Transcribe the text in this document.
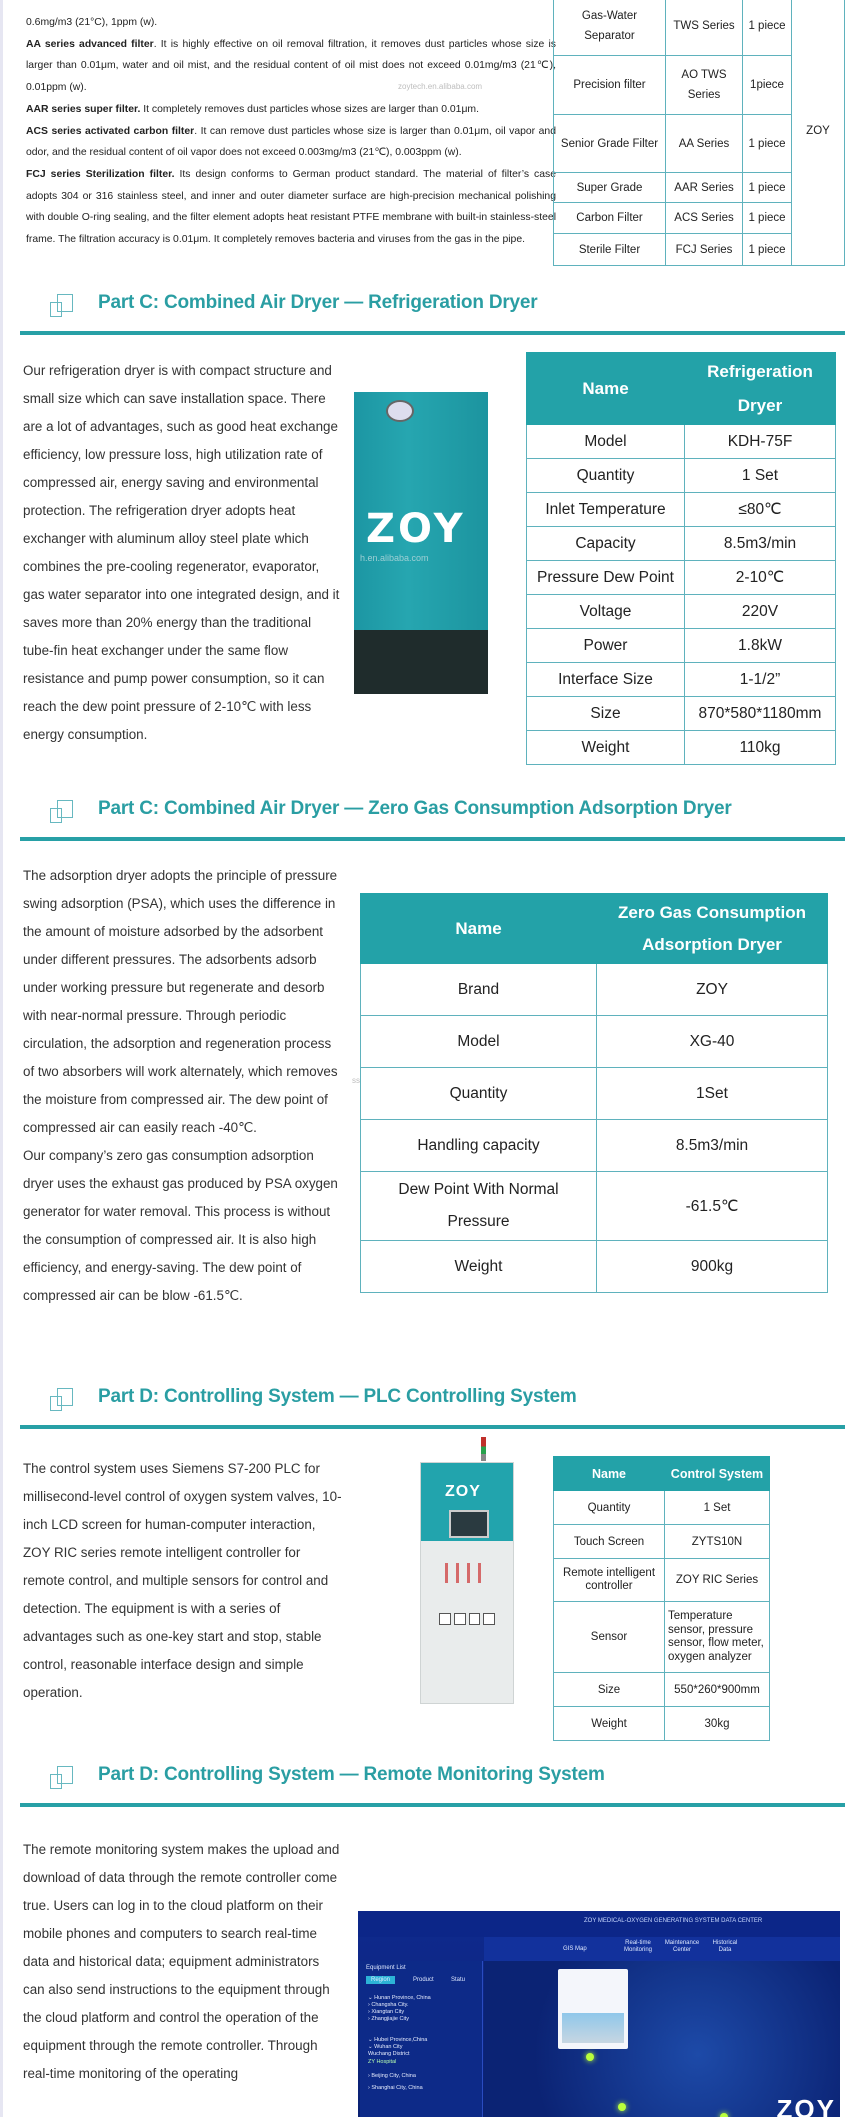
0.6mg/m3 (21°C), 1ppm (w).

AA series advanced filter. It is highly effective on oil removal filtration, it removes dust particles whose size is larger than 0.01μm, water and oil mist, and the residual content of oil mist does not exceed 0.01mg/m3 (21℃), 0.01ppm (w).

AAR series super filter. It completely removes dust particles whose sizes are larger than 0.01μm.

ACS series activated carbon filter. It can remove dust particles whose size is larger than 0.01μm, oil vapor and odor, and the residual content of oil vapor does not exceed 0.003mg/m3 (21℃), 0.003ppm (w).

FCJ series Sterilization filter. Its design conforms to German product standard. The material of filter’s case adopts 304 or 316 stainless steel, and inner and outer diameter surface are high-precision mechanical polishing with double O-ring sealing, and the filter element adopts heat resistant PTFE membrane with built-in stainless-steel frame. The filtration accuracy is 0.01μm. It completely removes bacteria and viruses from the gas in the pipe.

zoytech.en.alibaba.com
Gas-Water Separator	TWS Series	1 piece	ZOY
Precision filter	AO TWS Series	1piece	
Senior Grade Filter	AA Series	1 piece	
Super Grade	AAR Series	1 piece	
Carbon Filter	ACS Series	1 piece	
Sterile Filter	FCJ Series	1 piece	
Part C: Combined Air Dryer — Refrigeration Dryer

Our refrigeration dryer is with compact structure and small size which can save installation space. There are a lot of advantages, such as good heat exchange efficiency, low pressure loss, high utilization rate of compressed air, energy saving and environmental protection. The refrigeration dryer adopts heat exchanger with aluminum alloy steel plate which combines the pre-cooling regenerator, evaporator, gas water separator into one integrated design, and it saves more than 20% energy than the traditional tube-fin heat exchanger under the same flow resistance and pump power consumption, so it can reach the dew point pressure of 2-10℃ with less energy consumption.

ZOY
h.en.alibaba.com
Name	Refrigeration Dryer
Model	KDH-75F
Quantity	1 Set
Inlet Temperature	≤80℃
Capacity	8.5m3/min
Pressure Dew Point	2-10℃
Voltage	220V
Power	1.8kW
Interface Size	1-1/2”
Size	870*580*1180mm
Weight	110kg
Part C: Combined Air Dryer — Zero Gas Consumption Adsorption Dryer

The adsorption dryer adopts the principle of pressure swing adsorption (PSA), which uses the difference in the amount of moisture adsorbed by the adsorbent under different pressures. The adsorbents adsorb under working pressure but regenerate and desorb with near-normal pressure. Through periodic circulation, the adsorption and regeneration process of two absorbers will work alternately, which removes the moisture from compressed air. The dew point of compressed air can easily reach -40℃.

Our company’s zero gas consumption adsorption dryer uses the exhaust gas produced by PSA oxygen generator for water removal. This process is without the consumption of compressed air. It is also high efficiency, and energy-saving. The dew point of compressed air can be blow -61.5℃.

ss.alibaba.com
Name	Zero Gas Consumption Adsorption Dryer
Brand	ZOY
Model	XG-40
Quantity	1Set
Handling capacity	8.5m3/min
Dew Point With Normal Pressure	-61.5℃
Weight	900kg
Part D: Controlling System — PLC Controlling System

The control system uses Siemens S7-200 PLC for millisecond-level control of oxygen system valves, 10-inch LCD screen for human-computer interaction, ZOY RIC series remote intelligent controller for remote control, and multiple sensors for control and detection. The equipment is with a series of advantages such as one-key start and stop, stable control, reasonable interface design and simple operation.

ZOY
Name	Control System
Quantity	1 Set
Touch Screen	ZYTS10N
Remote intelligent controller	ZOY RIC Series
Sensor	Temperature sensor, pressure sensor, flow meter, oxygen analyzer
Size	550*260*900mm
Weight	30kg
Part D: Controlling System — Remote Monitoring System

The remote monitoring system makes the upload and download of data through the remote controller come true. Users can log in to the cloud platform on their mobile phones and computers to search real-time data and historical data; equipment administrators can also send instructions to the equipment through the cloud platform and control the operation of the equipment through the remote controller. Through real-time monitoring of the operating

ZOY MEDICAL-OXYGEN GENERATING SYSTEM DATA CENTER
GIS Map
Real-time Monitoring
Maintenance Center
Historical Data
Equipment List
Region	Product	Statu
⌄ Hunan Province, China
› Changsha City.
› Xiangtan City
› Zhangjiajie City
⌄ Hubei Province,China
⌄ Wuhan City
Wuchang District
ZY Hospital
› Beijing City, China
› Shanghai City, China
ZOY
